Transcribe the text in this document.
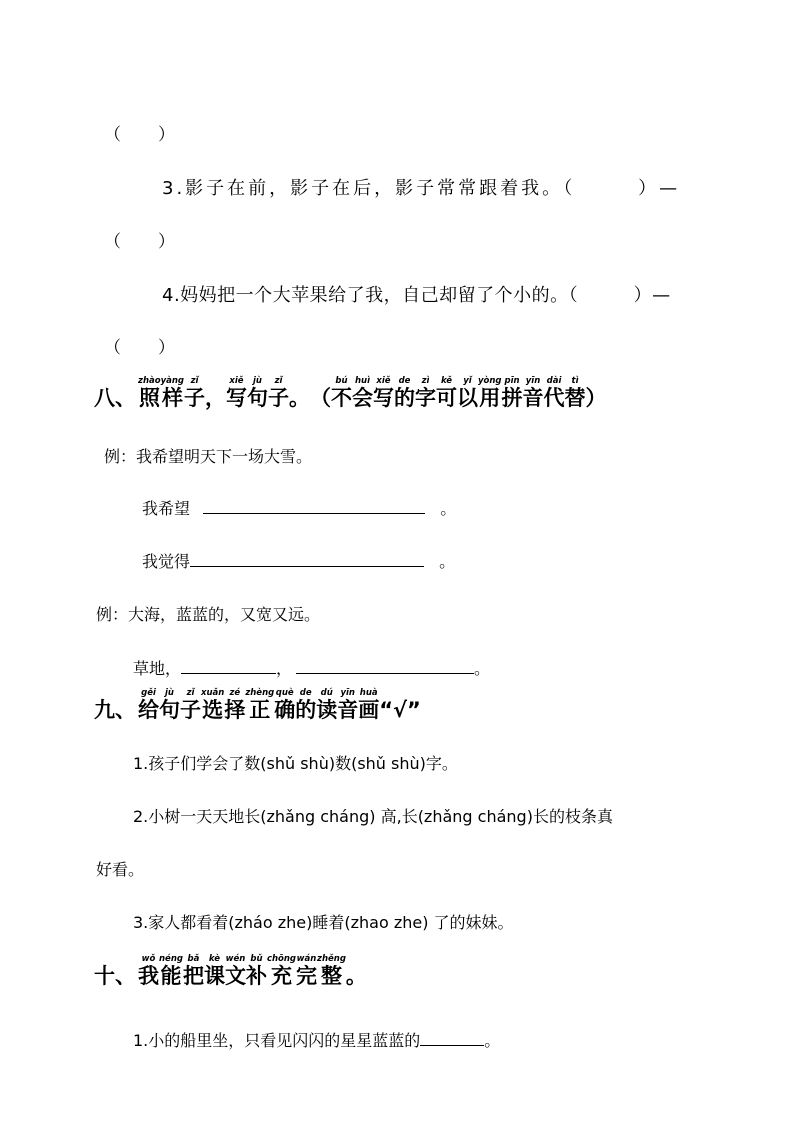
（　　）
3.影子在前，影子在后，影子常常跟着我。（　　　）—
（　　）
4.妈妈把一个大苹果给了我，自己却留了个小的。（　　　）—
（　　）
八、 照样zhàoyàng子zǐ，写xiě句jù子zǐ。（不bú会huì写xiě的de字zì可kě以yǐ用yòng拼pīn音yīn代dài替tì）
例：我希望明天下一场大雪。
我希望	。
我觉得	。
例：大海，蓝蓝的，又宽又远。
草地，	，	。
九、 给gěi句jù子zǐ选xuǎn择zé正zhèng确què的de读dú音yīn画huà“√”
1.孩子们学会了数(shǔ shù)数(shǔ shù)字。
2.小树一天天地长(zhǎng cháng) 高,长(zhǎng cháng)长的枝条真
好看。
3.家人都看着(zháo zhe)睡着(zhao zhe) 了的妹妹。
十、 我wǒ能néng把bǎ课kè文wén补bǔ充chōng完wán整zhěng。
1.小的船里坐，只看见闪闪的星星蓝蓝的	。
